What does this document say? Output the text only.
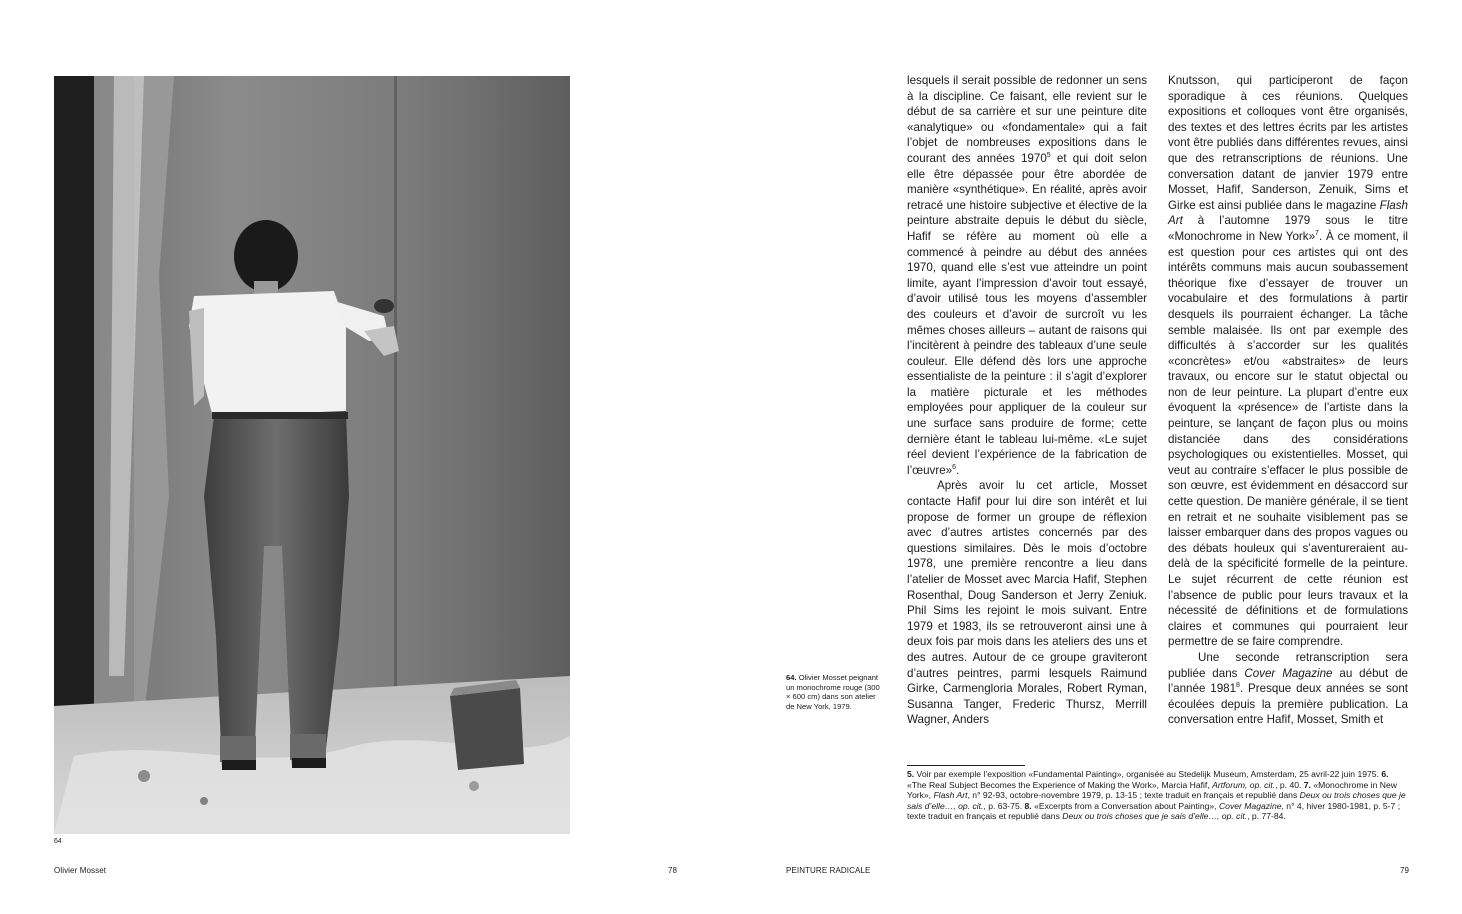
64
Olivier Mosset	78
64. Olivier Mosset peignant un monochrome rouge (300 × 600 cm) dans son atelier de New York, 1979.

lesquels il serait possible de redonner un sens à la discipline. Ce faisant, elle revient sur le début de sa carrière et sur une peinture dite «analytique» ou «fondamentale» qui a fait l’objet de nombreuses expositions dans le courant des années 1970$^5$ et qui doit selon elle être dépassée pour être abordée de manière «synthétique». En réalité, après avoir retracé une histoire subjective et élective de la peinture abstraite depuis le début du siècle, Hafif se réfère au moment où elle a commencé à peindre au début des années 1970, quand elle s’est vue atteindre un point limite, ayant l’impression d’avoir tout essayé, d’avoir utilisé tous les moyens d’assembler des couleurs et d’avoir de surcroît vu les mêmes choses ailleurs – autant de raisons qui l’incitèrent à peindre des tableaux d’une seule couleur. Elle défend dès lors une approche essentialiste de la peinture : il s’agit d’explorer la matière picturale et les méthodes employées pour appliquer de la couleur sur une surface sans produire de forme; cette dernière étant le tableau lui-même. «Le sujet réel devient l’expérience de la fabrication de l’œuvre»$^6$.

Après avoir lu cet article, Mosset contacte Hafif pour lui dire son intérêt et lui propose de former un groupe de réflexion avec d’autres artistes concernés par des questions similaires. Dès le mois d’octobre 1978, une première rencontre a lieu dans l’atelier de Mosset avec Marcia Hafif, Stephen Rosenthal, Doug Sanderson et Jerry Zeniuk. Phil Sims les rejoint le mois suivant. Entre 1979 et 1983, ils se retrouveront ainsi une à deux fois par mois dans les ateliers des uns et des autres. Autour de ce groupe graviteront d’autres peintres, parmi lesquels Raimund Girke, Carmengloria Morales, Robert Ryman, Susanna Tanger, Frederic Thursz, Merrill Wagner, Anders

Knutsson, qui participeront de façon sporadique à ces réunions. Quelques expositions et colloques vont être organisés, des textes et des lettres écrits par les artistes vont être publiés dans différentes revues, ainsi que des retranscriptions de réunions. Une conversation datant de janvier 1979 entre Mosset, Hafif, Sanderson, Zenuik, Sims et Girke est ainsi publiée dans le magazine Flash Art à l’automne 1979 sous le titre «Monochrome in New York»$^7$. À ce moment, il est question pour ces artistes qui ont des intérêts communs mais aucun soubassement théorique fixe d’essayer de trouver un vocabulaire et des formulations à partir desquels ils pourraient échanger. La tâche semble malaisée. Ils ont par exemple des difficultés à s’accorder sur les qualités «concrètes» et/ou «abstraites» de leurs travaux, ou encore sur le statut objectal ou non de leur peinture. La plupart d’entre eux évoquent la «présence» de l’artiste dans la peinture, se lançant de façon plus ou moins distanciée dans des considérations psychologiques ou existentielles. Mosset, qui veut au contraire s’effacer le plus possible de son œuvre, est évidemment en désaccord sur cette question. De manière générale, il se tient en retrait et ne souhaite visiblement pas se laisser embarquer dans des propos vagues ou des débats houleux qui s’aventureraient au-delà de la spécificité formelle de la peinture. Le sujet récurrent de cette réunion est l’absence de public pour leurs travaux et la nécessité de définitions et de formulations claires et communes qui pourraient leur permettre de se faire comprendre.

Une seconde retranscription sera publiée dans Cover Magazine au début de l’année 1981$^8$. Presque deux années se sont écoulées depuis la première publication. La conversation entre Hafif, Mosset, Smith et

5. Voir par exemple l’exposition «Fundamental Painting», organisée au Stedelijk Museum, Amsterdam, 25 avril-22 juin 1975. 6. «The Real Subject Becomes the Experience of Making the Work», Marcia Hafif, Artforum, op. cit., p. 40. 7. «Monochrome in New York», Flash Art, n° 92-93, octobre-novembre 1979, p. 13-15 ; texte traduit en français et republié dans Deux ou trois choses que je sais d’elle…, op. cit., p. 63-75. 8. «Excerpts from a Conversation about Painting», Cover Magazine, n° 4, hiver 1980-1981, p. 5-7 ; texte traduit en français et republié dans Deux ou trois choses que je sais d’elle…, op. cit., p. 77-84.
PEINTURE RADICALE	79
